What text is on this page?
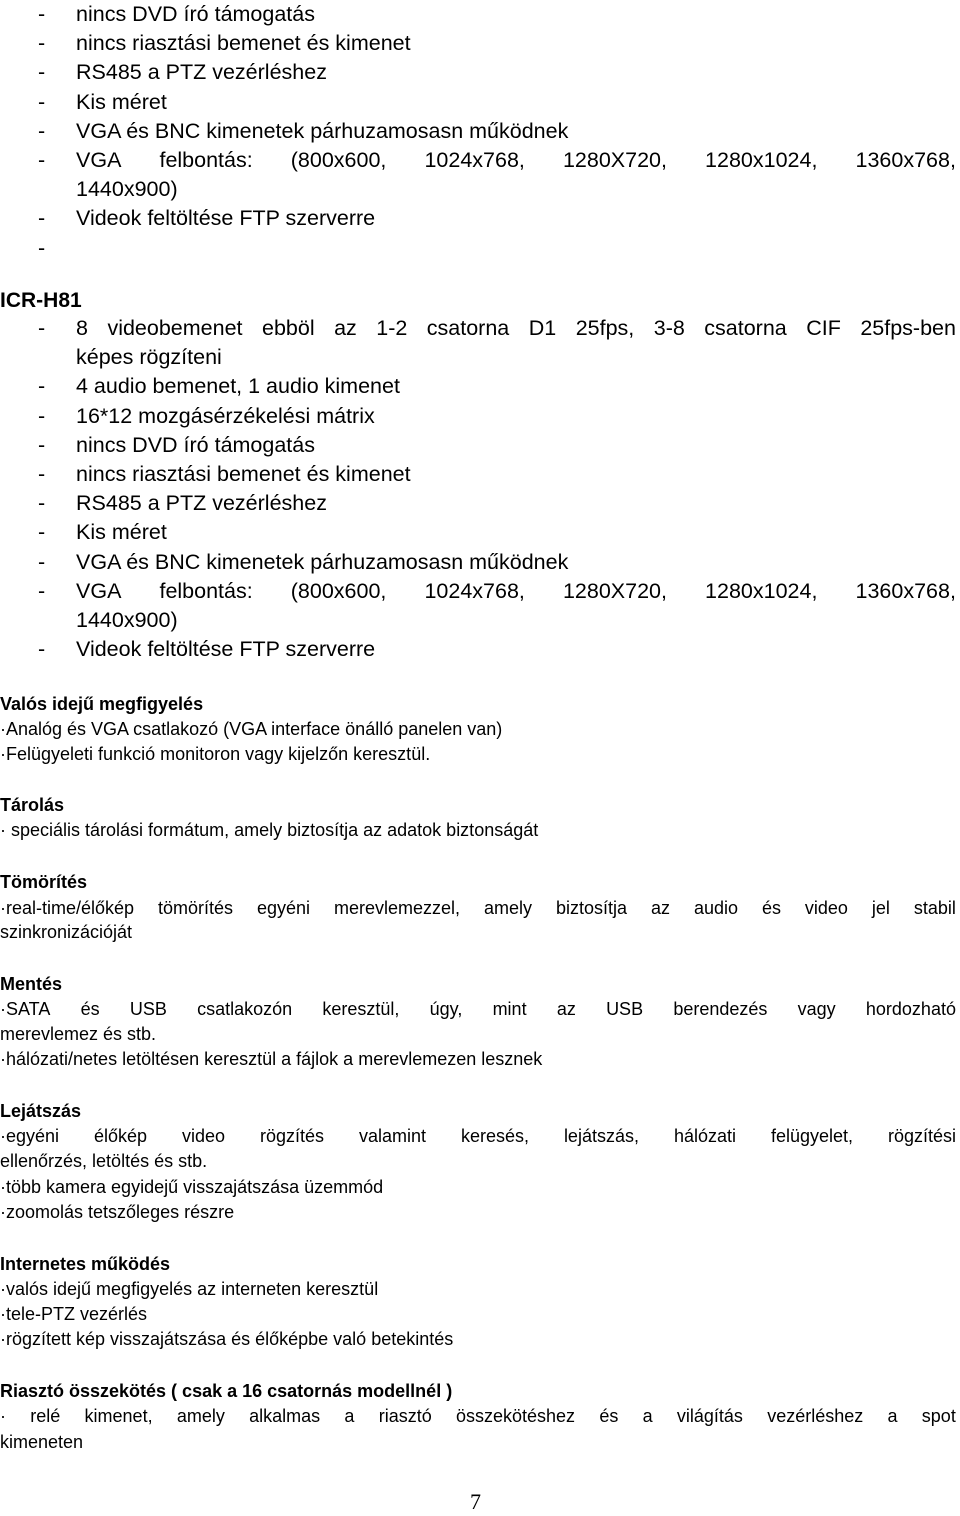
- nincs DVD író támogatás
- nincs riasztási bemenet és kimenet
- RS485 a PTZ vezérléshez
- Kis méret
- VGA és BNC kimenetek párhuzamosasn működnek
- VGA felbontás: (800x600, 1024x768, 1280X720, 1280x1024, 1360x768,
1440x900)
- Videok feltöltése FTP szerverre
-

ICR-H81
- 8 videobemenet ebböl az 1-2 csatorna D1 25fps, 3-8 csatorna CIF 25fps-ben
képes rögzíteni
- 4 audio bemenet, 1 audio kimenet
- 16*12 mozgásérzékelési mátrix
- nincs DVD író támogatás
- nincs riasztási bemenet és kimenet
- RS485 a PTZ vezérléshez
- Kis méret
- VGA és BNC kimenetek párhuzamosasn működnek
- VGA felbontás: (800x600, 1024x768, 1280X720, 1280x1024, 1360x768,
1440x900)
- Videok feltöltése FTP szerverre
Valós idejű megfigyelés
·Analóg és VGA csatlakozó (VGA interface önálló panelen van)
·Felügyeleti funkció monitoron vagy kijelzőn keresztül.
Tárolás
· speciális tárolási formátum, amely biztosítja az adatok biztonságát
Tömörítés
·real-time/élőkép tömörítés egyéni merevlemezzel, amely biztosítja az audio és video jel stabil
szinkronizációját
Mentés
·SATA és USB csatlakozón keresztül, úgy, mint az USB berendezés vagy hordozható
merevlemez és stb.
·hálózati/netes letöltésen keresztül a fájlok a merevlemezen lesznek
Lejátszás
·egyéni élőkép video rögzítés valamint keresés, lejátszás, hálózati felügyelet, rögzítési
ellenőrzés, letöltés és stb.
·több kamera egyidejű visszajátszása üzemmód
·zoomolás tetszőleges részre
Internetes működés
·valós idejű megfigyelés az interneten keresztül
·tele-PTZ vezérlés
·rögzített kép visszajátszása és élőképbe való betekintés
Riasztó összekötés ( csak a 16 csatornás modellnél )
· relé kimenet, amely alkalmas a riasztó összekötéshez és a világítás vezérléshez a spot
kimeneten
7
